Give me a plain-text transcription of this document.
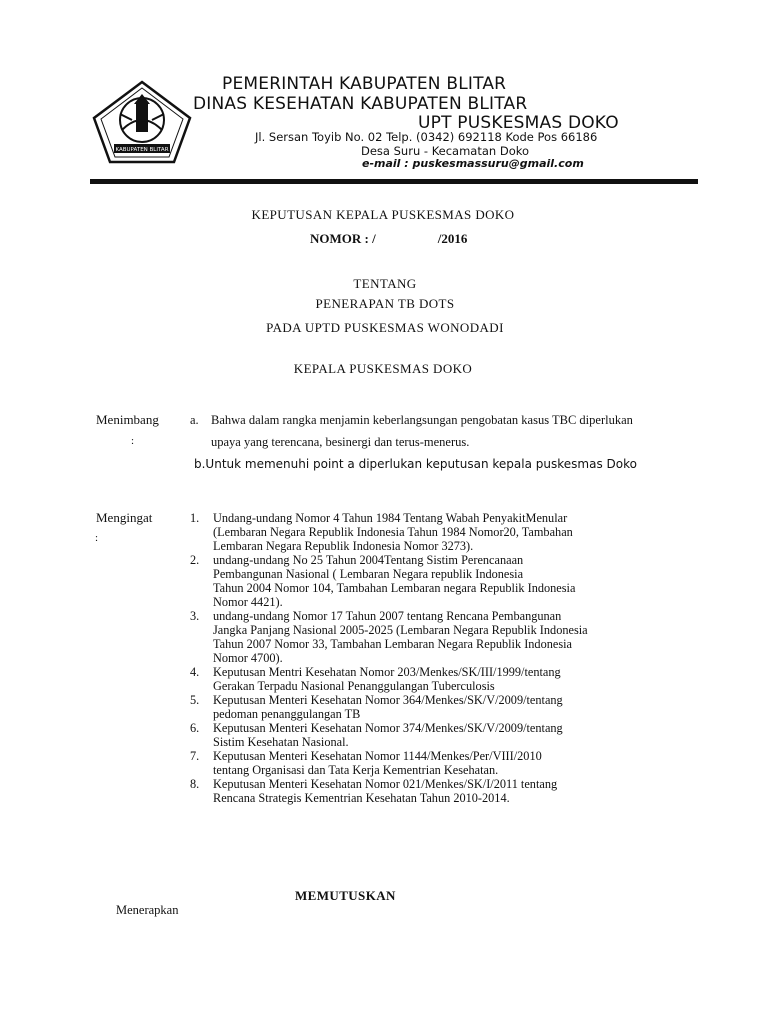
KABUPATEN BLITAR
PEMERINTAH KABUPATEN BLITAR
DINAS KESEHATAN KABUPATEN BLITAR
UPT PUSKESMAS DOKO
Jl. Sersan Toyib No. 02 Telp. (0342) 692118 Kode Pos 66186
Desa Suru - Kecamatan Doko
e-mail : puskesmassuru@gmail.com
KEPUTUSAN KEPALA PUSKESMAS DOKO
NOMOR : /	/2016
TENTANG
PENERAPAN TB DOTS
PADA UPTD PUSKESMAS WONODADI
KEPALA PUSKESMAS DOKO
Menimbang
:
a. Bahwa dalam rangka menjamin keberlangsungan pengobatan kasus TBC diperlukan
upaya yang terencana, besinergi dan terus-menerus.
b.Untuk memenuhi point a diperlukan keputusan kepala puskesmas Doko
Mengingat
:
1. Undang-undang Nomor 4 Tahun 1984 Tentang Wabah PenyakitMenular
(Lembaran Negara Republik Indonesia Tahun 1984 Nomor20, Tambahan
Lembaran Negara Republik Indonesia Nomor 3273).
2. undang-undang No 25 Tahun 2004Tentang Sistim Perencanaan
Pembangunan Nasional ( Lembaran Negara republik Indonesia
Tahun 2004 Nomor 104, Tambahan Lembaran negara Republik Indonesia
Nomor 4421).
3. undang-undang Nomor 17 Tahun 2007 tentang Rencana Pembangunan
Jangka Panjang Nasional 2005-2025 (Lembaran Negara Republik Indonesia
Tahun 2007 Nomor 33, Tambahan Lembaran Negara Republik Indonesia
Nomor 4700).
4. Keputusan Mentri Kesehatan Nomor 203/Menkes/SK/III/1999/tentang
Gerakan Terpadu Nasional Penanggulangan Tuberculosis
5. Keputusan Menteri Kesehatan Nomor 364/Menkes/SK/V/2009/tentang
pedoman penanggulangan TB
6. Keputusan Menteri Kesehatan Nomor 374/Menkes/SK/V/2009/tentang
Sistim Kesehatan Nasional.
7. Keputusan Menteri Kesehatan Nomor 1144/Menkes/Per/VIII/2010
tentang Organisasi dan Tata Kerja Kementrian Kesehatan.
8. Keputusan Menteri Kesehatan Nomor 021/Menkes/SK/I/2011 tentang
Rencana Strategis Kementrian Kesehatan Tahun 2010-2014.
MEMUTUSKAN
Menerapkan
